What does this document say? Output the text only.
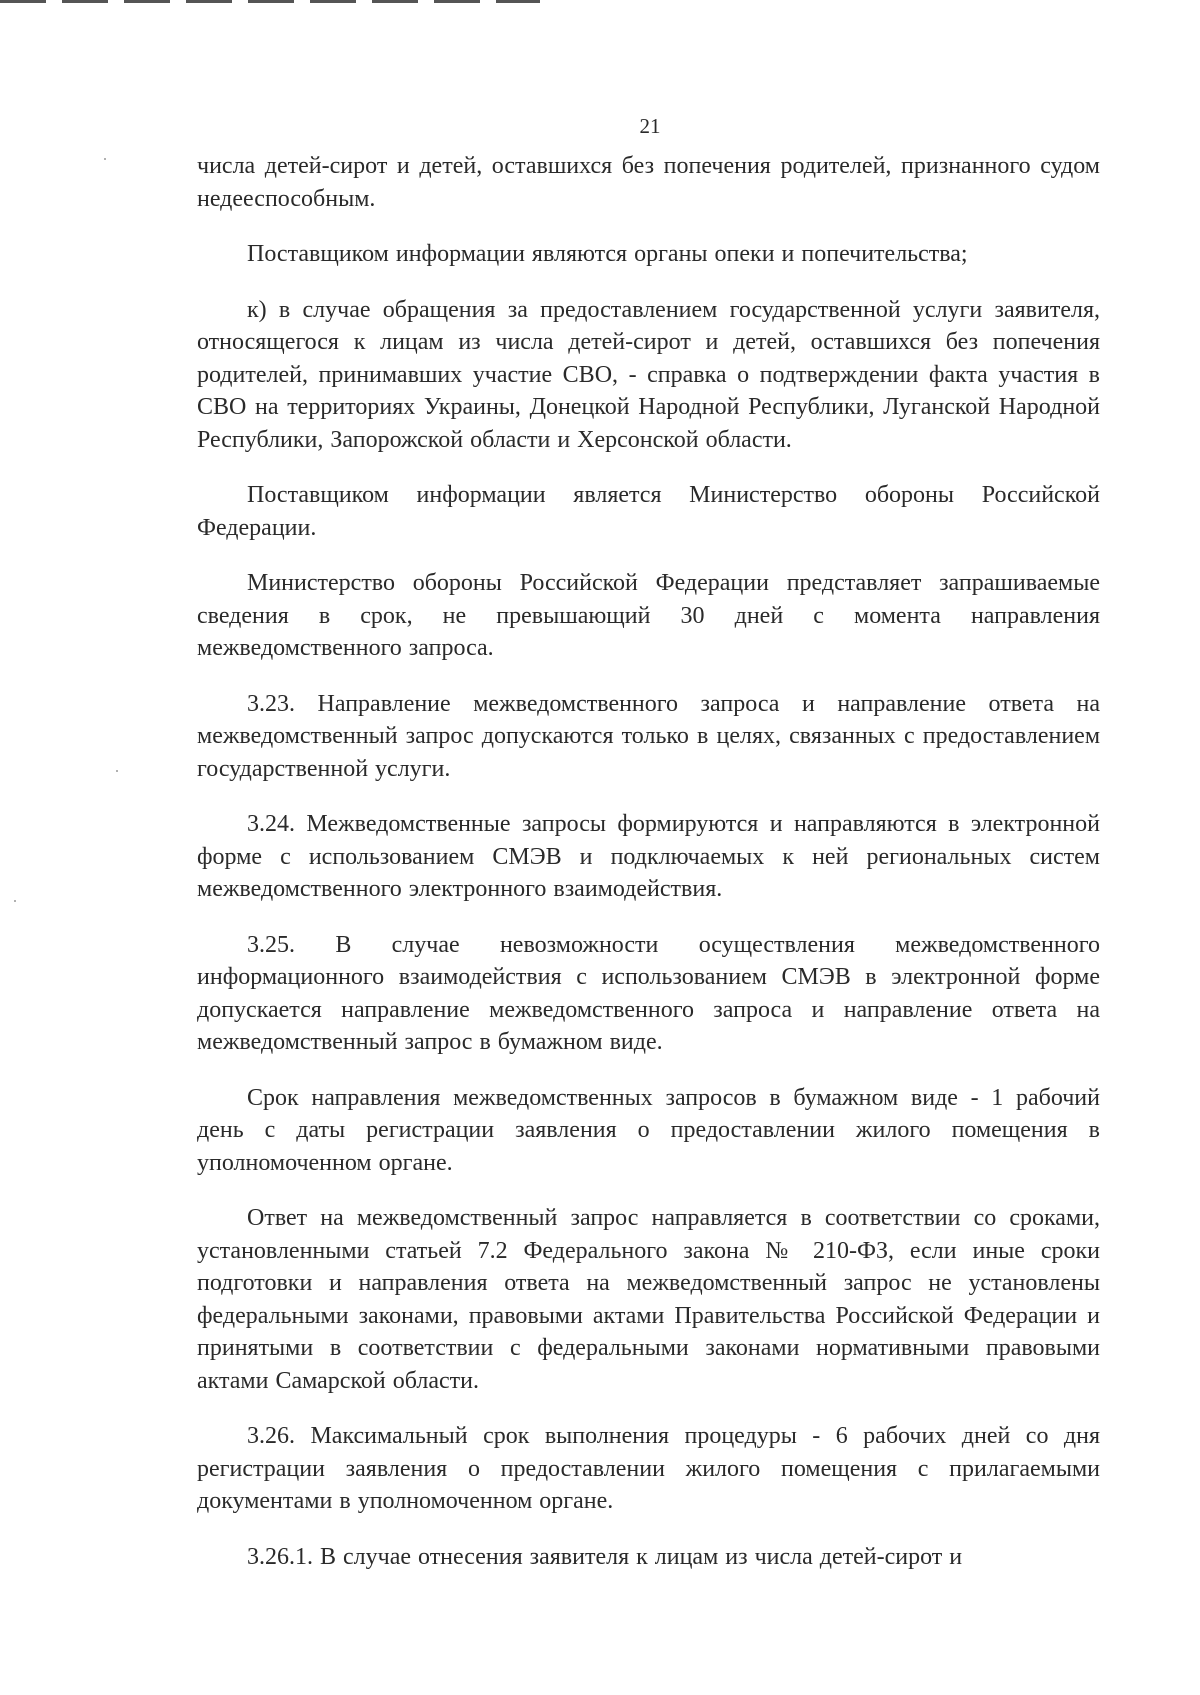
21

числа детей-сирот и детей, оставшихся без попечения родителей, признанного судом недееспособным.

Поставщиком информации являются органы опеки и попечительства;

к) в случае обращения за предоставлением государственной услуги заявителя, относящегося к лицам из числа детей-сирот и детей, оставшихся без попечения родителей, принимавших участие СВО, - справка о подтверждении факта участия в СВО на территориях Украины, Донецкой Народной Республики, Луганской Народной Республики, Запорожской области и Херсонской области.

Поставщиком информации является Министерство обороны Российской Федерации.

Министерство обороны Российской Федерации представляет запрашиваемые сведения в срок, не превышающий 30 дней с момента направления межведомственного запроса.

3.23. Направление межведомственного запроса и направление ответа на межведомственный запрос допускаются только в целях, связанных с предоставлением государственной услуги.

3.24. Межведомственные запросы формируются и направляются в электронной форме с использованием СМЭВ и подключаемых к ней региональных систем межведомственного электронного взаимодействия.

3.25. В случае невозможности осуществления межведомственного информационного взаимодействия с использованием СМЭВ в электронной форме допускается направление межведомственного запроса и направление ответа на межведомственный запрос в бумажном виде.

Срок направления межведомственных запросов в бумажном виде - 1 рабочий день с даты регистрации заявления о предоставлении жилого помещения в уполномоченном органе.

Ответ на межведомственный запрос направляется в соответствии со сроками, установленными статьей 7.2 Федерального закона № 210-ФЗ, если иные сроки подготовки и направления ответа на межведомственный запрос не установлены федеральными законами, правовыми актами Правительства Российской Федерации и принятыми в соответствии с федеральными законами нормативными правовыми актами Самарской области.

3.26. Максимальный срок выполнения процедуры - 6 рабочих дней со дня регистрации заявления о предоставлении жилого помещения с прилагаемыми документами в уполномоченном органе.

3.26.1. В случае отнесения заявителя к лицам из числа детей-сирот и
